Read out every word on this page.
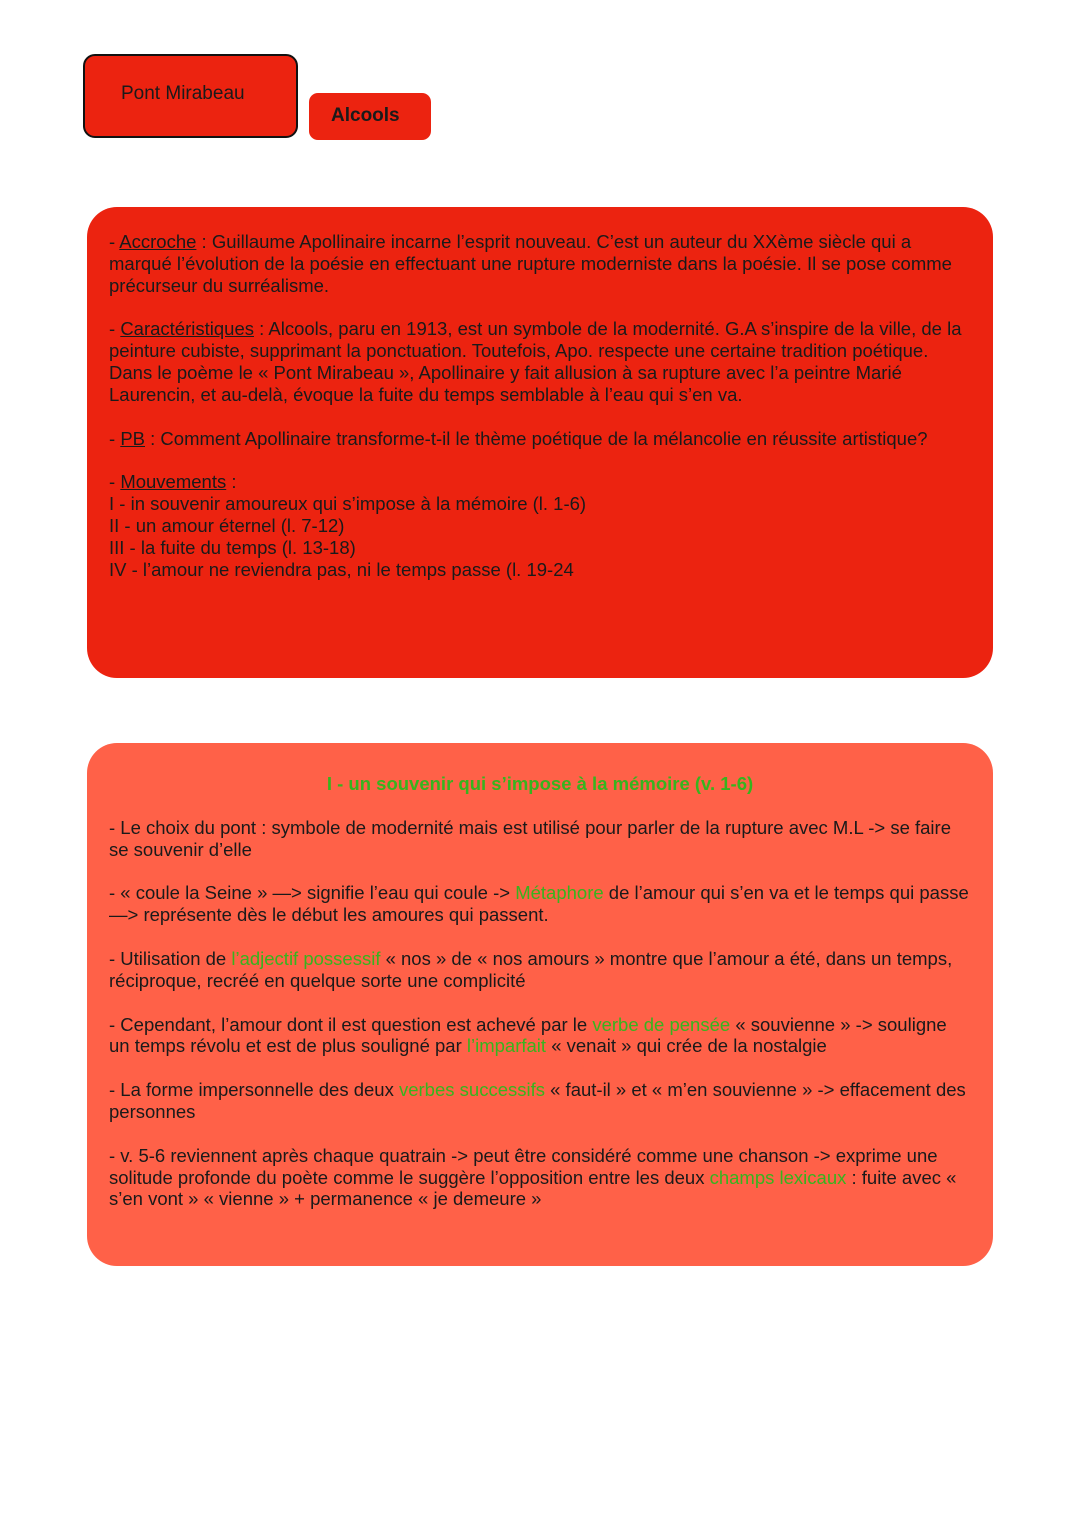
Pont Mirabeau
Alcools

- Accroche : Guillaume Apollinaire incarne l’esprit nouveau. C’est un auteur du XXème siècle qui a marqué l’évolution de la poésie en effectuant une rupture moderniste dans la poésie. Il se pose comme précurseur du surréalisme.

- Caractéristiques : Alcools, paru en 1913, est un symbole de la modernité. G.A s’inspire de la ville, de la peinture cubiste, supprimant la ponctuation. Toutefois, Apo. respecte une certaine tradition poétique. Dans le poème le « Pont Mirabeau », Apollinaire y fait allusion à sa rupture avec l’a peintre Marié Laurencin, et au-delà, évoque la fuite du temps semblable à l’eau qui s’en va.

- PB : Comment Apollinaire transforme-t-il le thème poétique de la mélancolie en réussite artistique?

- Mouvements :
I - in souvenir amoureux qui s’impose à la mémoire (l. 1-6)
II - un amour éternel (l. 7-12)
III - la fuite du temps (l. 13-18)
IV - l’amour ne reviendra pas, ni le temps passe (l. 19-24

I - un souvenir qui s’impose à la mémoire (v. 1-6)

- Le choix du pont : symbole de modernité mais est utilisé pour parler de la rupture avec M.L -> se faire se souvenir d’elle

- « coule la Seine » —> signifie l’eau qui coule -> Métaphore de l’amour qui s’en va et le temps qui passe—> représente dès le début les amoures qui passent.

- Utilisation de l’adjectif possessif « nos » de « nos amours » montre que l’amour a été, dans un temps, réciproque, recréé en quelque sorte une complicité

- Cependant, l’amour dont il est question est achevé par le verbe de pensée « souvienne » -> souligne un temps révolu et est de plus souligné par l’imparfait « venait » qui crée de la nostalgie

- La forme impersonnelle des deux verbes successifs « faut-il » et « m’en souvienne » -> effacement des personnes

- v. 5-6 reviennent après chaque quatrain -> peut être considéré comme une chanson -> exprime une solitude profonde du poète comme le suggère l’opposition entre les deux champs lexicaux : fuite avec « s’en vont » « vienne » + permanence « je demeure »
